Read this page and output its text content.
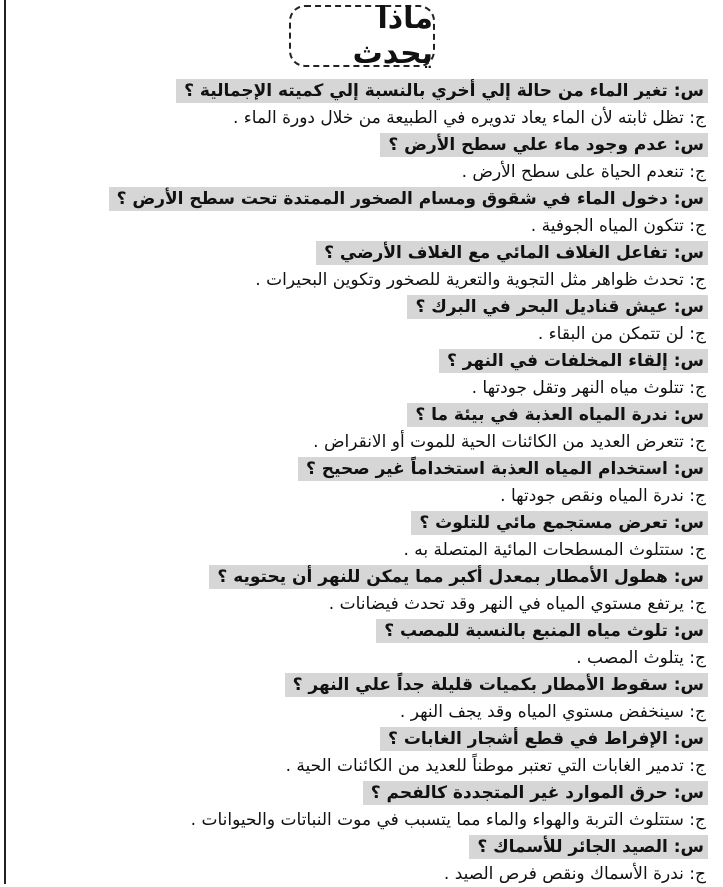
ماذا يحدث
س: تغير الماء من حالة إلي أخري بالنسبة إلي كميته الإجمالية ؟
ج: تظل ثابته لأن الماء يعاد تدويره في الطبيعة من خلال دورة الماء .
س: عدم وجود ماء علي سطح الأرض ؟
ج: تنعدم الحياة على سطح الأرض .
س: دخول الماء في شقوق ومسام الصخور الممتدة تحت سطح الأرض ؟
ج: تتكون المياه الجوفية .
س: تفاعل الغلاف المائي مع الغلاف الأرضي ؟
ج: تحدث ظواهر مثل التجوية والتعرية للصخور وتكوين البحيرات .
س: عيش قناديل البحر في البرك ؟
ج: لن تتمكن من البقاء .
س: إلقاء المخلفات في النهر ؟
ج: تتلوث مياه النهر وتقل جودتها .
س: ندرة المياه العذبة في بيئة ما ؟
ج: تتعرض العديد من الكائنات الحية للموت أو الانقراض .
س: استخدام المياه العذبة استخداماً غير صحيح ؟
ج: ندرة المياه ونقص جودتها .
س: تعرض مستجمع مائي للتلوث ؟
ج: ستتلوث المسطحات المائية المتصلة به .
س: هطول الأمطار بمعدل أكبر مما يمكن للنهر أن يحتويه ؟
ج: يرتفع مستوي المياه في النهر وقد تحدث فيضانات .
س: تلوث مياه المنبع بالنسبة للمصب ؟
ج: يتلوث المصب .
س: سقوط الأمطار بكميات قليلة جداً علي النهر ؟
ج: سينخفض مستوي المياه وقد يجف النهر .
س: الإفراط في قطع أشجار الغابات ؟
ج: تدمير الغابات التي تعتبر موطناً للعديد من الكائنات الحية .
س: حرق الموارد غير المتجددة كالفحم ؟
ج: ستتلوث التربة والهواء والماء مما يتسبب في موت النباتات والحيوانات .
س: الصيد الجائر للأسماك ؟
ج: ندرة الأسماك ونقص فرص الصيد .
